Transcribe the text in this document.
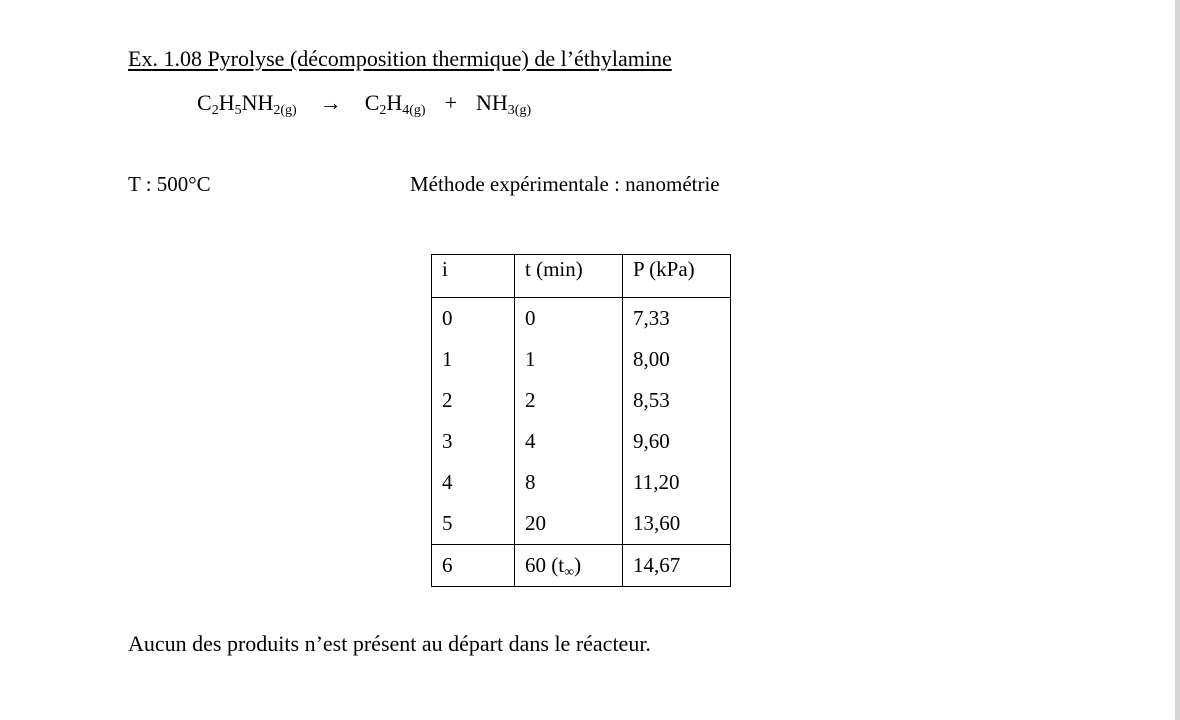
Ex. 1.08 Pyrolyse (décomposition thermique) de l’éthylamine
$C_2H_5NH_{2(g)} \to C_2H_{4(g)} + NH_{3(g)}$
T : 500°C	Méthode expérimentale : nanométrie
i	t (min)	P (kPa)
0	0	7,33
1	1	8,00
2	2	8,53
3	4	9,60
4	8	11,20
5	20	13,60
6	60 (t∞)	14,67
Aucun des produits n’est présent au départ dans le réacteur.
